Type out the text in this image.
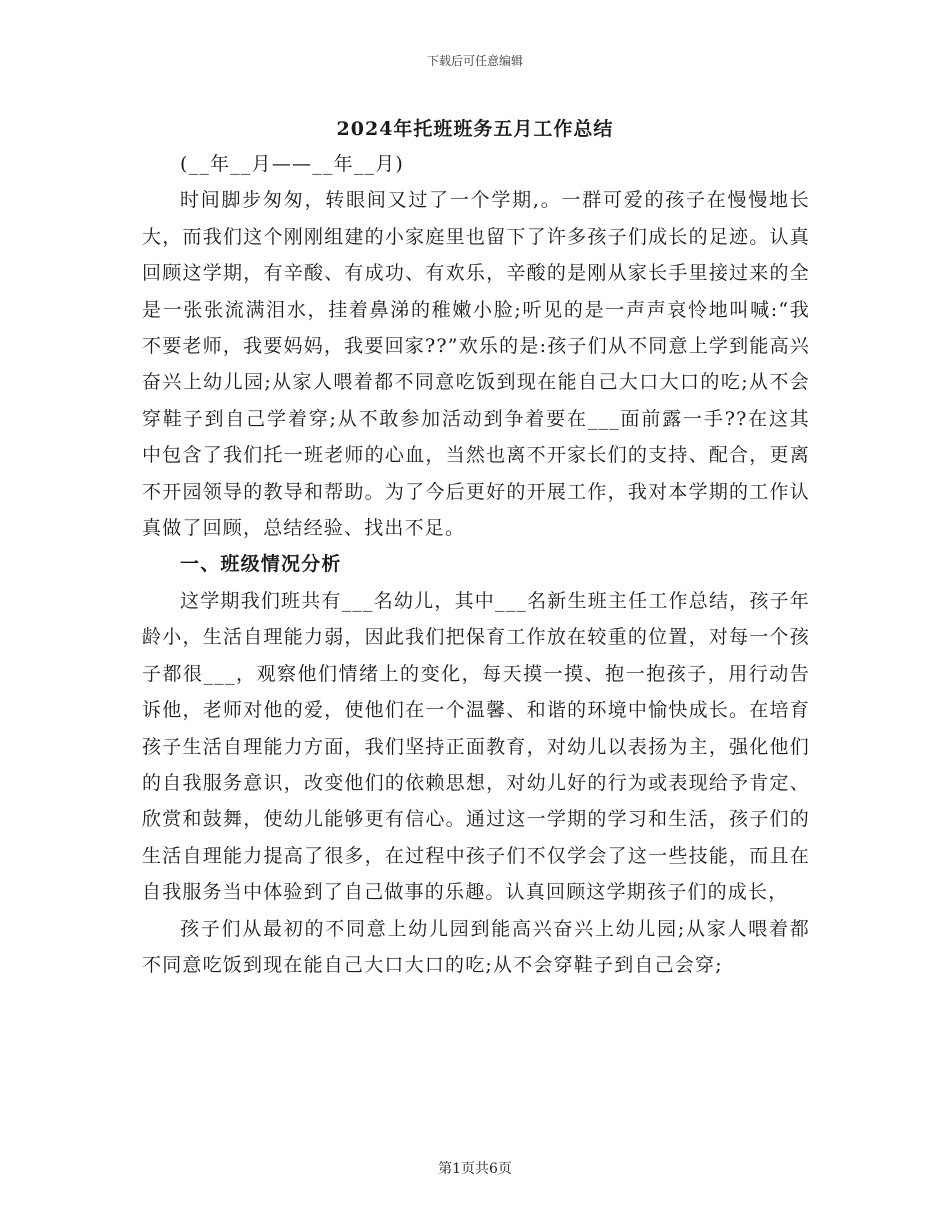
下载后可任意编辑
2024年托班班务五月工作总结

(__年__月——__年__月)

时间脚步匆匆，转眼间又过了一个学期,。一群可爱的孩子在慢慢地长大，而我们这个刚刚组建的小家庭里也留下了许多孩子们成长的足迹。认真回顾这学期，有辛酸、有成功、有欢乐，辛酸的是刚从家长手里接过来的全是一张张流满泪水，挂着鼻涕的稚嫩小脸;听见的是一声声哀怜地叫喊:“我不要老师，我要妈妈，我要回家??”欢乐的是:孩子们从不同意上学到能高兴奋兴上幼儿园;从家人喂着都不同意吃饭到现在能自己大口大口的吃;从不会穿鞋子到自己学着穿;从不敢参加活动到争着要在___面前露一手??在这其中包含了我们托一班老师的心血，当然也离不开家长们的支持、配合，更离不开园领导的教导和帮助。为了今后更好的开展工作，我对本学期的工作认真做了回顾，总结经验、找出不足。

一、班级情况分析

这学期我们班共有___名幼儿，其中___名新生班主任工作总结，孩子年龄小，生活自理能力弱，因此我们把保育工作放在较重的位置，对每一个孩子都很___，观察他们情绪上的变化，每天摸一摸、抱一抱孩子，用行动告诉他，老师对他的爱，使他们在一个温馨、和谐的环境中愉快成长。在培育孩子生活自理能力方面，我们坚持正面教育，对幼儿以表扬为主，强化他们的自我服务意识，改变他们的依赖思想，对幼儿好的行为或表现给予肯定、欣赏和鼓舞，使幼儿能够更有信心。通过这一学期的学习和生活，孩子们的生活自理能力提高了很多，在过程中孩子们不仅学会了这一些技能，而且在自我服务当中体验到了自己做事的乐趣。认真回顾这学期孩子们的成长，

孩子们从最初的不同意上幼儿园到能高兴奋兴上幼儿园;从家人喂着都不同意吃饭到现在能自己大口大口的吃;从不会穿鞋子到自己会穿;

第1页共6页
